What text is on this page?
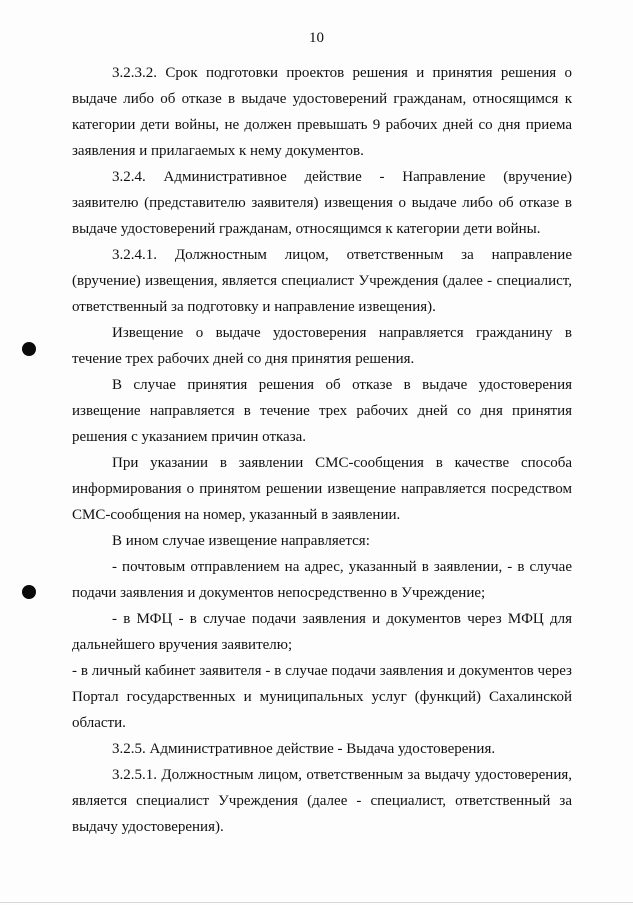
10

3.2.3.2. Срок подготовки проектов решения и принятия решения о выдаче либо об отказе в выдаче удостоверений гражданам, относящимся к категории дети войны, не должен превышать 9 рабочих дней со дня приема заявления и прилагаемых к нему документов.

3.2.4. Административное действие - Направление (вручение) заявителю (представителю заявителя) извещения о выдаче либо об отказе в выдаче удостоверений гражданам, относящимся к категории дети войны.

3.2.4.1. Должностным лицом, ответственным за направление (вручение) извещения, является специалист Учреждения (далее - специалист, ответственный за подготовку и направление извещения).

Извещение о выдаче удостоверения направляется гражданину в течение трех рабочих дней со дня принятия решения.

В случае принятия решения об отказе в выдаче удостоверения извещение направляется в течение трех рабочих дней со дня принятия решения с указанием причин отказа.

При указании в заявлении СМС-сообщения в качестве способа информирования о принятом решении извещение направляется посредством СМС-сообщения на номер, указанный в заявлении.

В ином случае извещение направляется:

- почтовым отправлением на адрес, указанный в заявлении, - в случае подачи заявления и документов непосредственно в Учреждение;

- в МФЦ - в случае подачи заявления и документов через МФЦ для дальнейшего вручения заявителю;

- в личный кабинет заявителя - в случае подачи заявления и документов через Портал государственных и муниципальных услуг (функций) Сахалинской области.

3.2.5. Административное действие - Выдача удостоверения.

3.2.5.1. Должностным лицом, ответственным за выдачу удостоверения, является специалист Учреждения (далее - специалист, ответственный за выдачу удостоверения).
